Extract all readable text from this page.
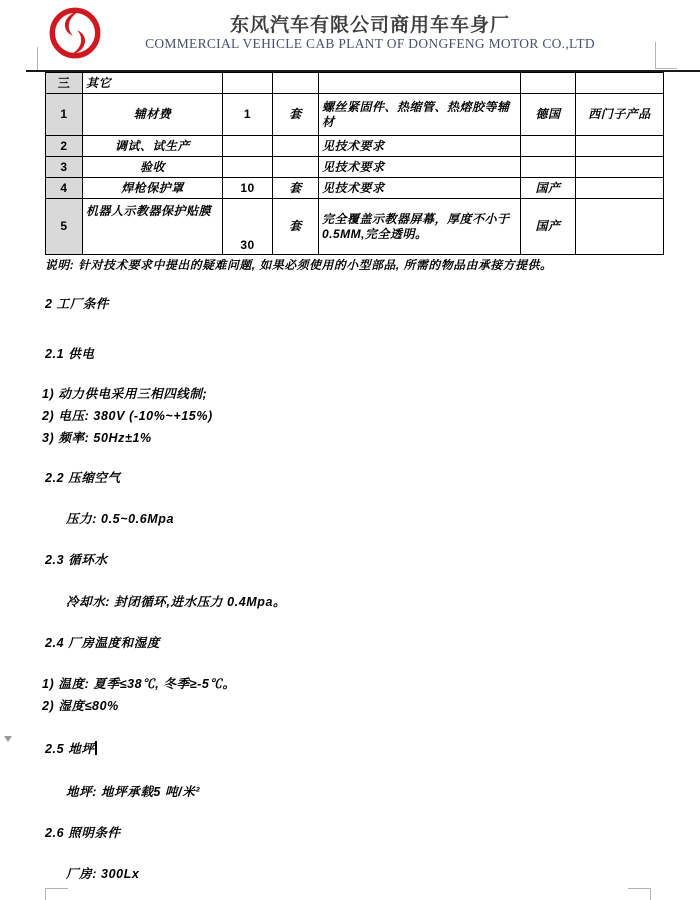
东风汽车有限公司商用车车身厂
COMMERCIAL VEHICLE CAB PLANT OF DONGFENG MOTOR CO.,LTD
三	其它					
1	辅材费	1	套	螺丝紧固件、热缩管、热熔胶等辅材	德国	西门子产品
2	调试、试生产			见技术要求		
3	验收			见技术要求		
4	焊枪保护罩	10	套	见技术要求	国产	
5	机器人示教器保护贴膜	30	套	完全覆盖示教器屏幕，厚度不小于 0.5MM,完全透明。	国产	
说明: 针对技术要求中提出的疑难问题, 如果必须使用的小型部品, 所需的物品由承接方提供。
2 工厂条件
2.1 供电
1) 动力供电采用三相四线制;
2) 电压: 380V (-10%~+15%)
3) 频率: 50Hz±1%
2.2 压缩空气
压力: 0.5~0.6Mpa
2.3 循环水
冷却水: 封闭循环,进水压力 0.4Mpa。
2.4 厂房温度和湿度
1) 温度: 夏季≤38℃, 冬季≥-5℃。
2) 湿度≤80%
2.5 地坪
地坪: 地坪承载5 吨/米²
2.6 照明条件
厂房: 300Lx
